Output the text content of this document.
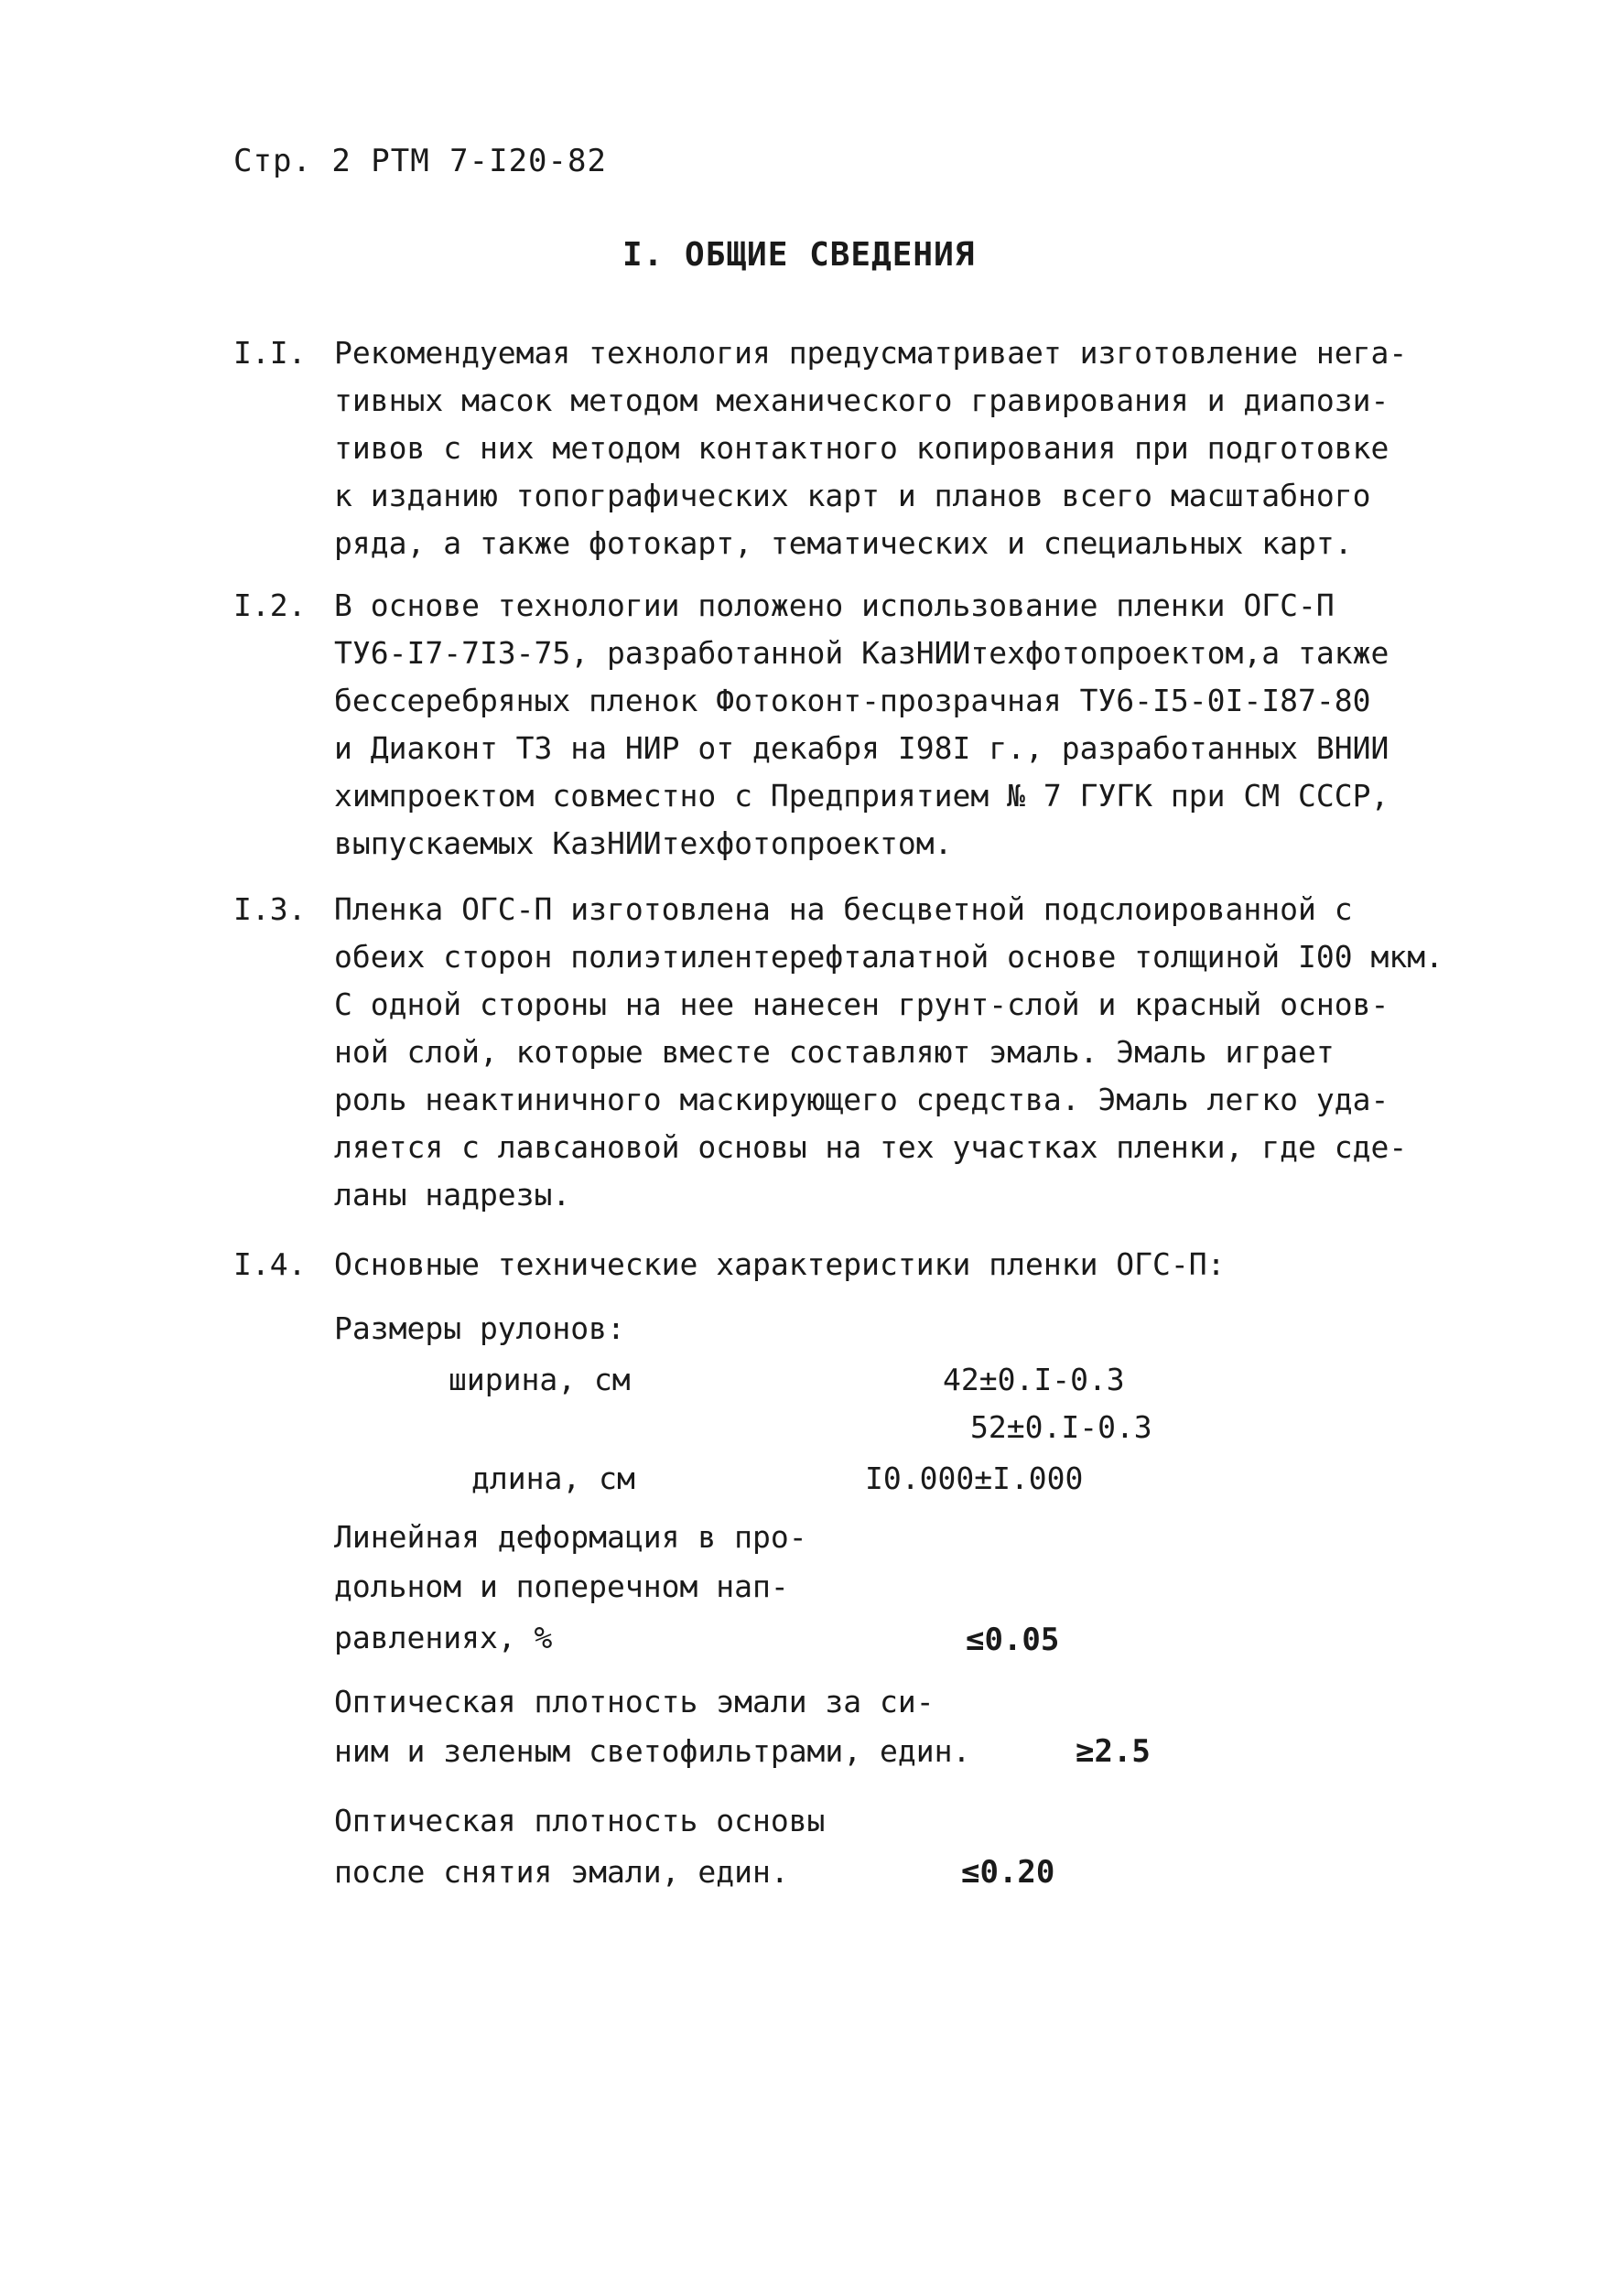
Стр. 2 РТМ 7-I20-82
I. ОБЩИЕ СВЕДЕНИЯ
I.I. Рекомендуемая технология предусматривает изготовление нега-
тивных масок методом механического гравирования и диапози-
тивов с них методом контактного копирования при подготовке
к изданию топографических карт и планов всего масштабного
ряда, а также фотокарт, тематических и специальных карт.
I.2. В основе технологии положено использование пленки ОГС-П
ТУ6-I7-7I3-75, разработанной КазНИИтехфотопроектом,а также
бессеребряных пленок Фотоконт-прозрачная ТУ6-I5-0I-I87-80
и Диаконт ТЗ на НИР от декабря I98I г., разработанных ВНИИ
химпроектом совместно с Предприятием № 7 ГУГК при СМ СССР,
выпускаемых КазНИИтехфотопроектом.
I.3. Пленка ОГС-П изготовлена на бесцветной подслоированной с
обеих сторон полиэтилентерефталатной основе толщиной I00 мкм.
С одной стороны на нее нанесен грунт-слой и красный основ-
ной слой, которые вместе составляют эмаль. Эмаль играет
роль неактиничного маскирующего средства. Эмаль легко уда-
ляется с лавсановой основы на тех участках пленки, где сде-
ланы надрезы.
I.4. Основные технические характеристики пленки ОГС-П:
Размеры рулонов:
ширина, см	42±0.I-0.3
52±0.I-0.3
длина, см	I0.000±I.000
Линейная деформация в про-
дольном и поперечном нап-
равлениях, %	≤0.05
Оптическая плотность эмали за си-
ним и зеленым светофильтрами, един.	≥2.5
Оптическая плотность основы
после снятия эмали, един.	≤0.20
